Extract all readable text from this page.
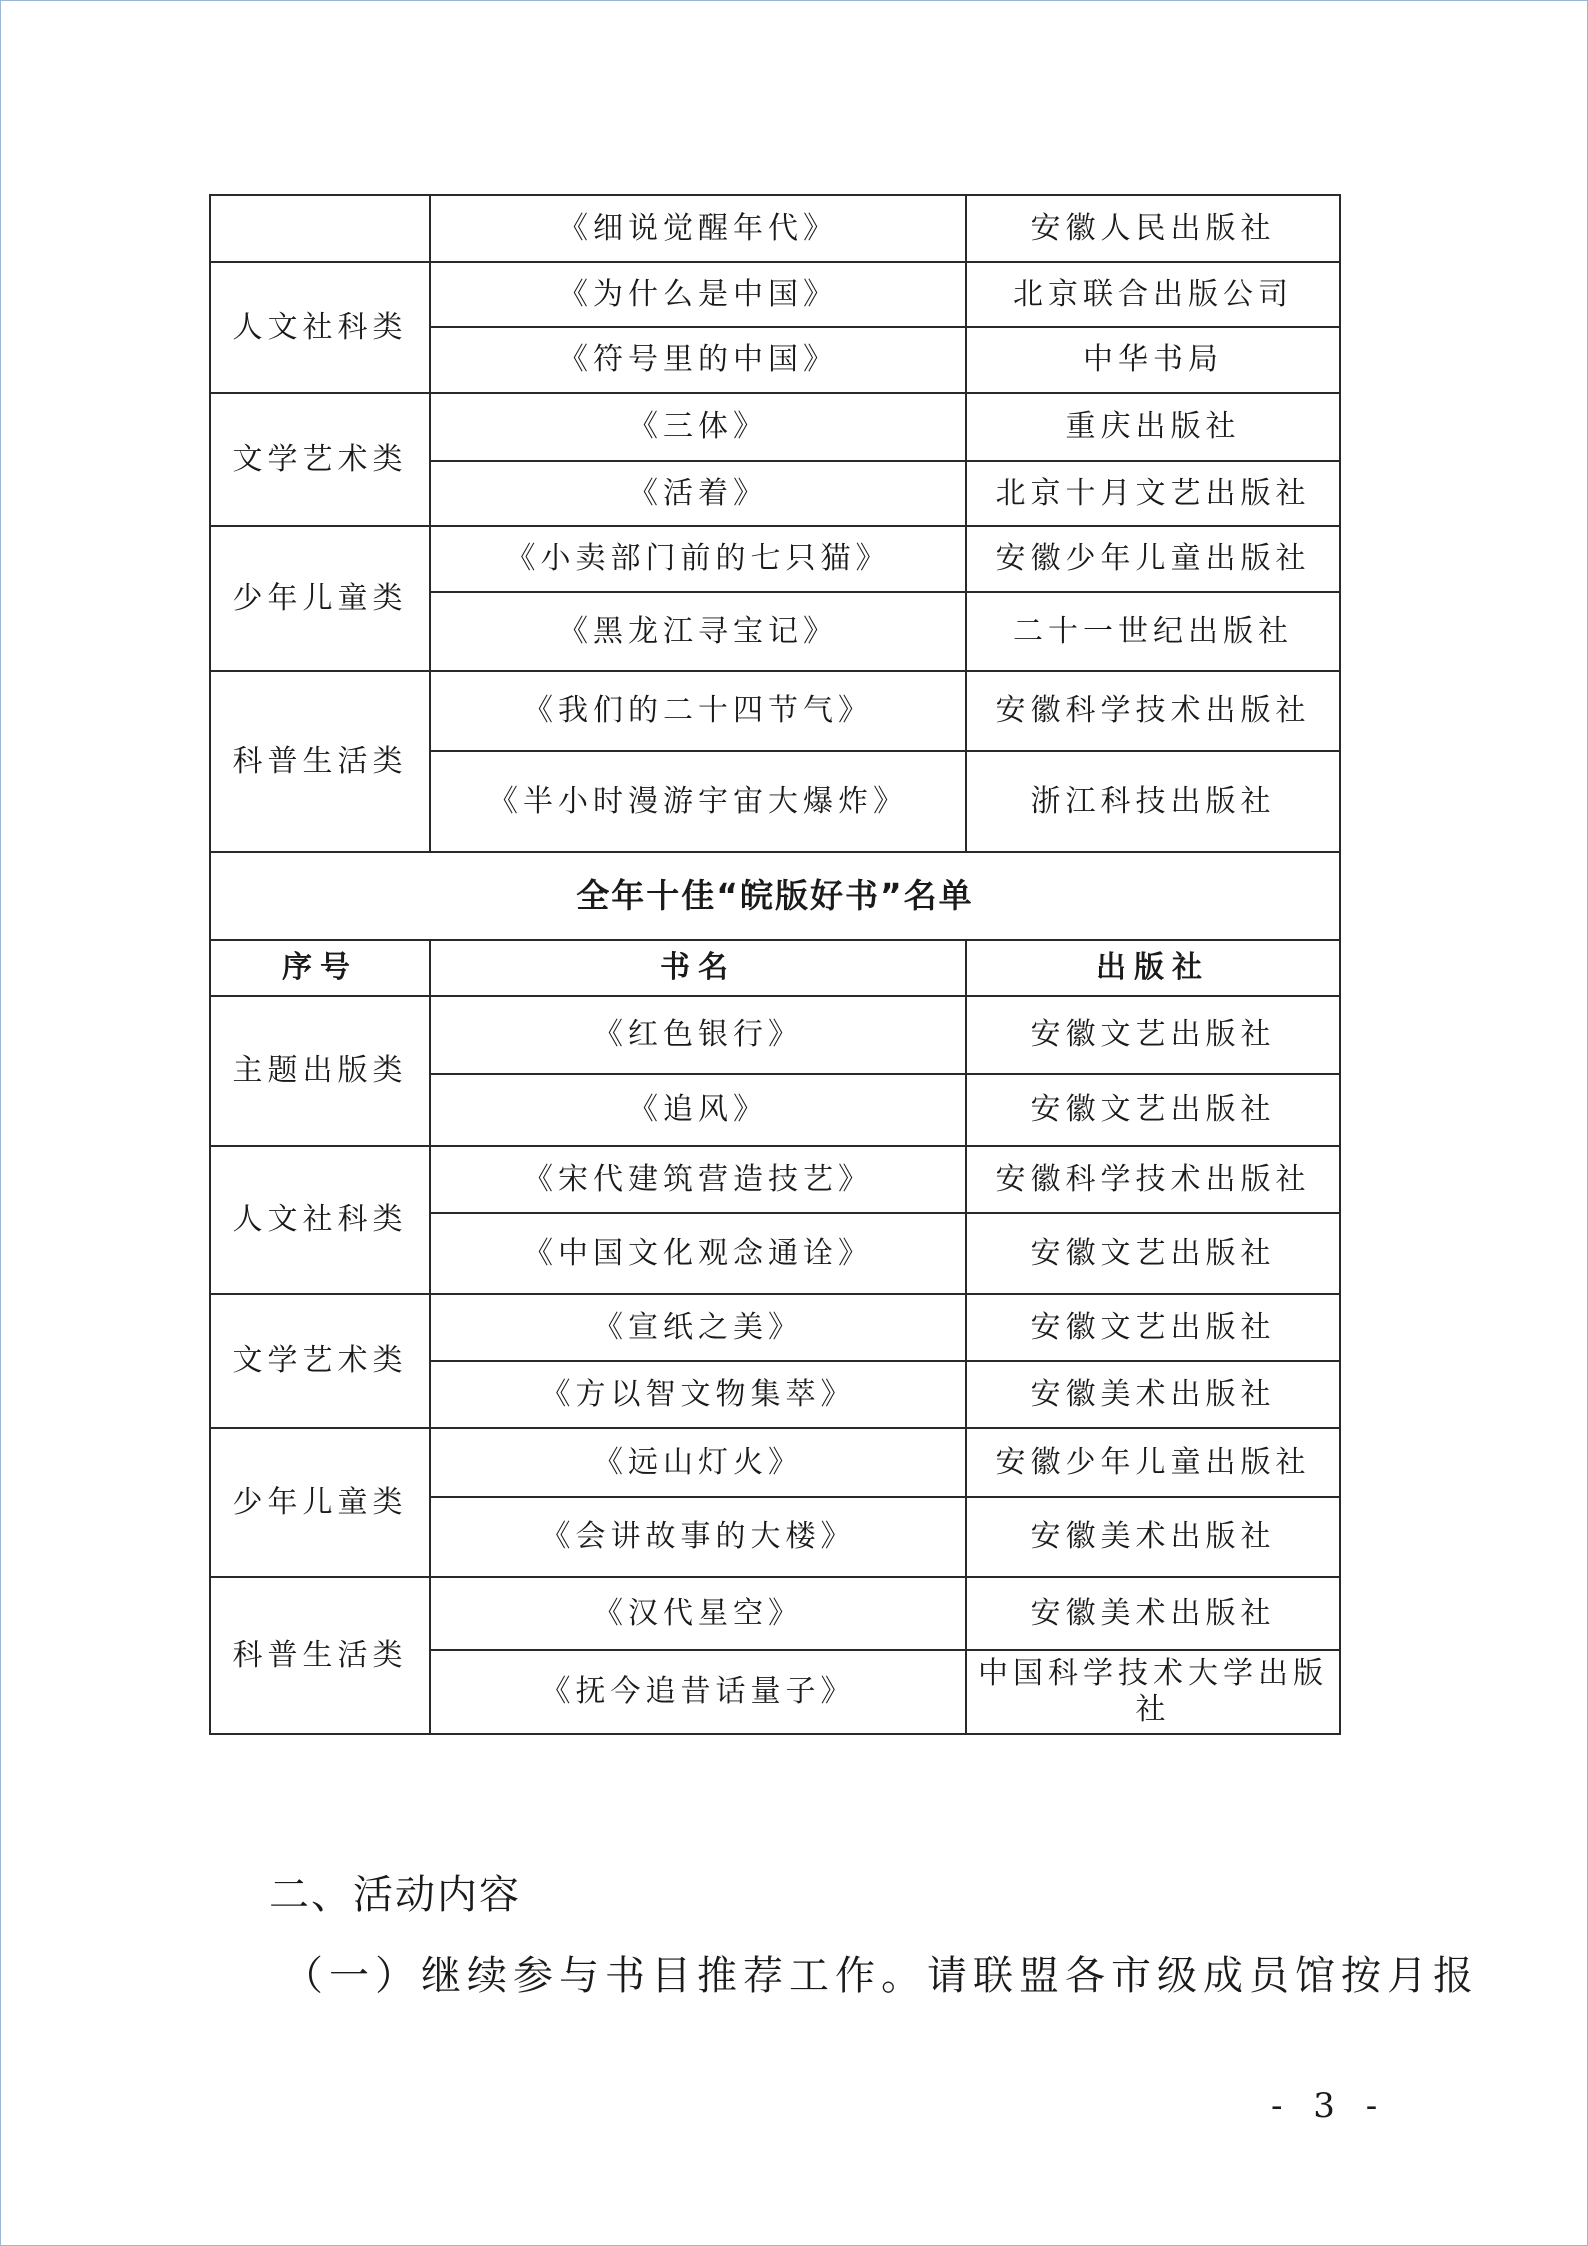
	《细说觉醒年代》	安徽人民出版社
人文社科类	《为什么是中国》	北京联合出版公司
	《符号里的中国》	中华书局
文学艺术类	《三体》	重庆出版社
	《活着》	北京十月文艺出版社
少年儿童类	《小卖部门前的七只猫》	安徽少年儿童出版社
	《黑龙江寻宝记》	二十一世纪出版社
科普生活类	《我们的二十四节气》	安徽科学技术出版社
	《半小时漫游宇宙大爆炸》	浙江科技出版社
全年十佳“皖版好书”名单		
序号	书名	出版社
主题出版类	《红色银行》	安徽文艺出版社
	《追风》	安徽文艺出版社
人文社科类	《宋代建筑营造技艺》	安徽科学技术出版社
	《中国文化观念通诠》	安徽文艺出版社
文学艺术类	《宣纸之美》	安徽文艺出版社
	《方以智文物集萃》	安徽美术出版社
少年儿童类	《远山灯火》	安徽少年儿童出版社
	《会讲故事的大楼》	安徽美术出版社
科普生活类	《汉代星空》	安徽美术出版社
	《抚今追昔话量子》	中国科学技术大学出版社
二、活动内容
（一）继续参与书目推荐工作。请联盟各市级成员馆按月报
- 3 -
